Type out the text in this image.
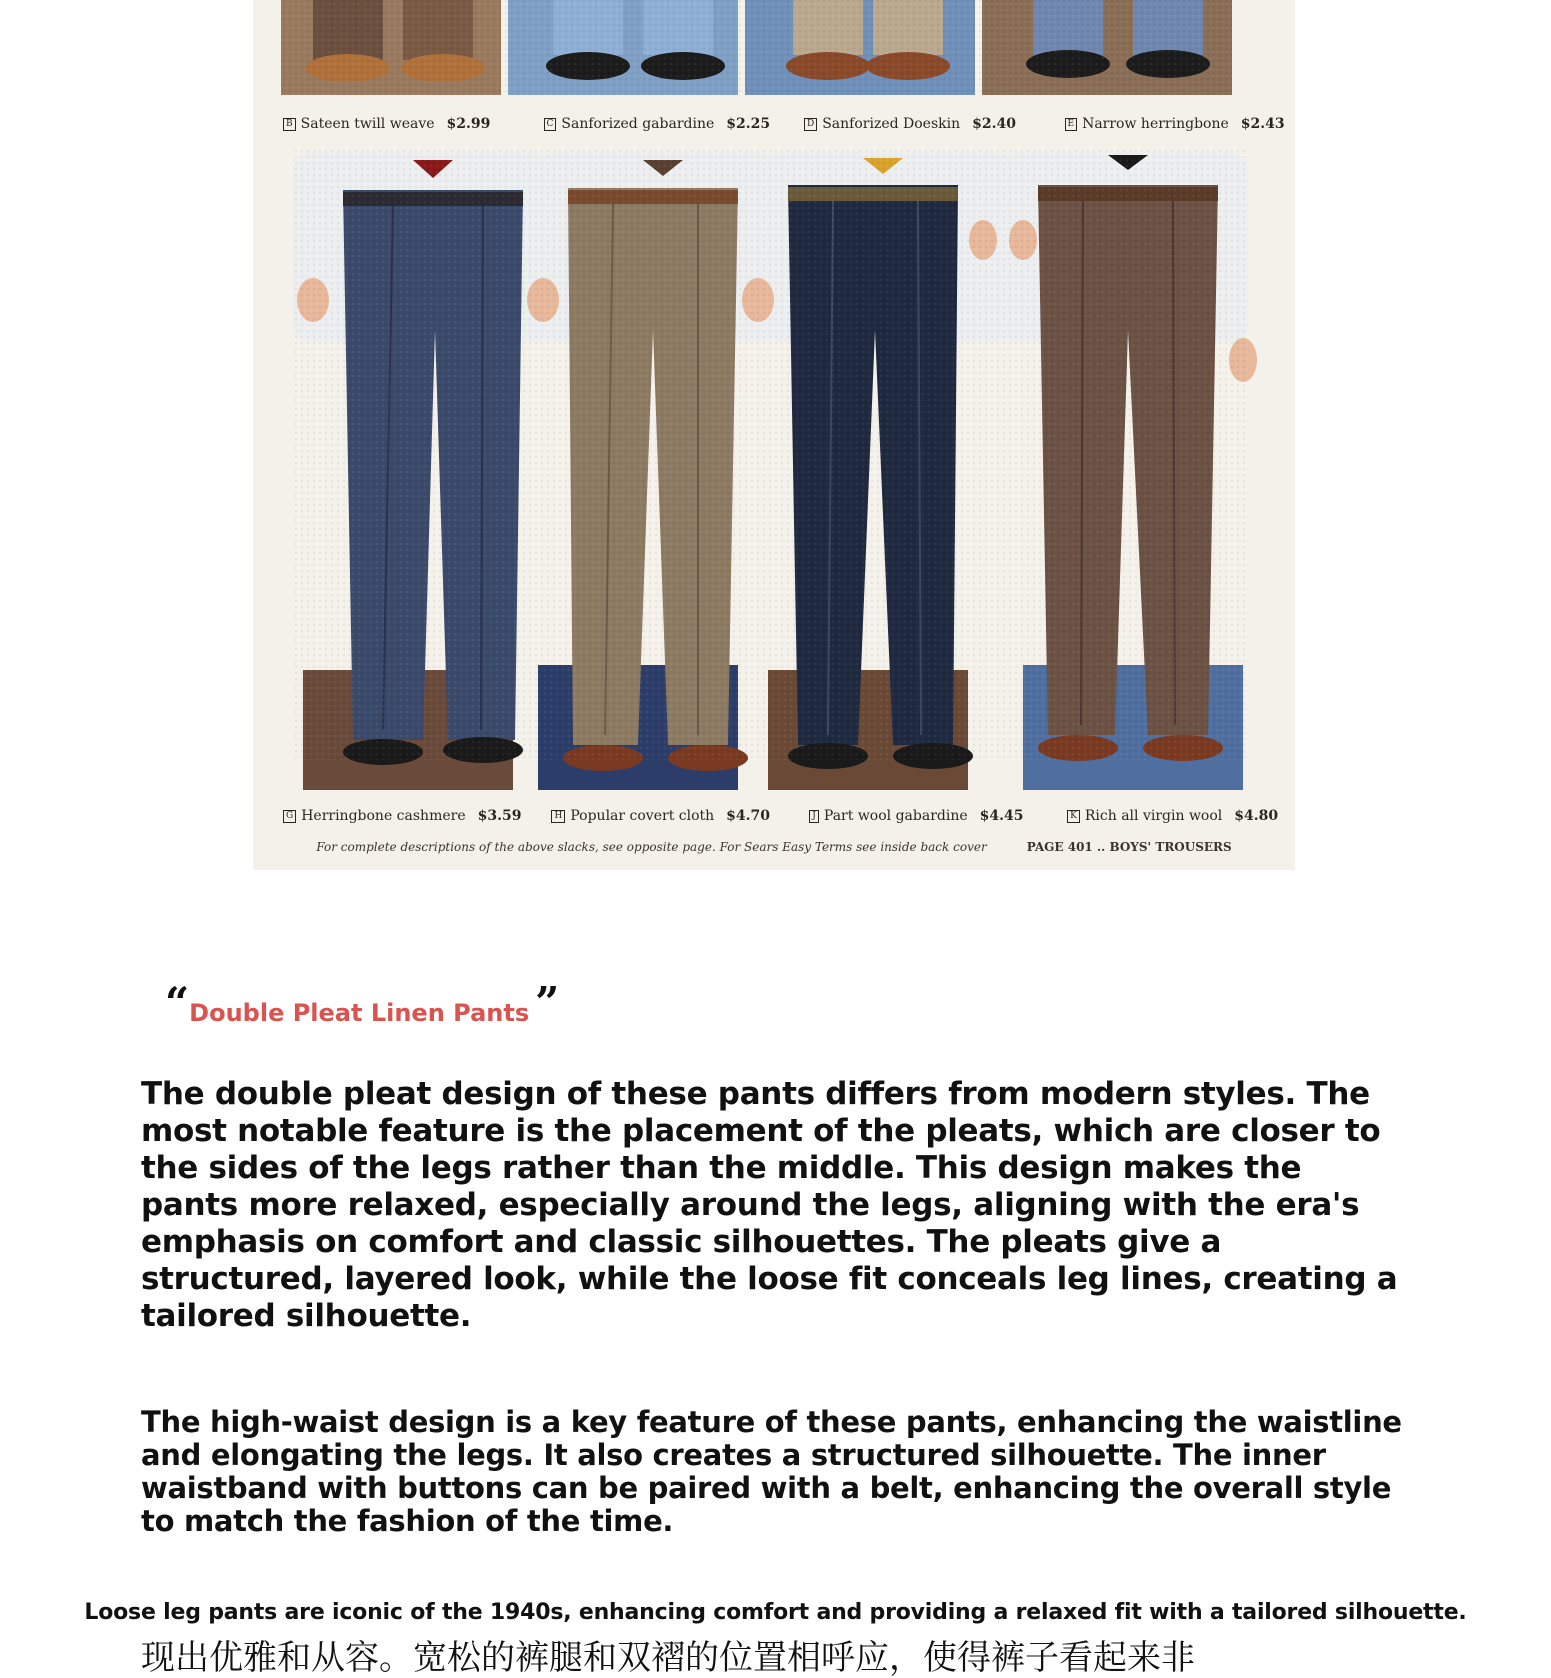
B Sateen twill weave $2.99	C Sanforized gabardine $2.25	D Sanforized Doeskin $2.40	E Narrow herringbone $2.43
G Herringbone cashmere $3.59	H Popular covert cloth $4.70	J Part wool gabardine $4.45	K Rich all virgin wool $4.80
For complete descriptions of the above slacks, see opposite page. For Sears Easy Terms see inside back cover	PAGE 401 .. BOYS' TROUSERS
“ Double Pleat Linen Pants ”

The double pleat design of these pants differs from modern styles. The most notable feature is the placement of the pleats, which are closer to the sides of the legs rather than the middle. This design makes the pants more relaxed, especially around the legs, aligning with the era's emphasis on comfort and classic silhouettes. The pleats give a structured, layered look, while the loose fit conceals leg lines, creating a tailored silhouette.

The high-waist design is a key feature of these pants, enhancing the waistline and elongating the legs. It also creates a structured silhouette. The inner waistband with buttons can be paired with a belt, enhancing the overall style to match the fashion of the time.

Loose leg pants are iconic of the 1940s, enhancing comfort and providing a relaxed fit with a tailored silhouette.
现出优雅和从容。宽松的裤腿和双褶的位置相呼应，使得裤子看起来非
